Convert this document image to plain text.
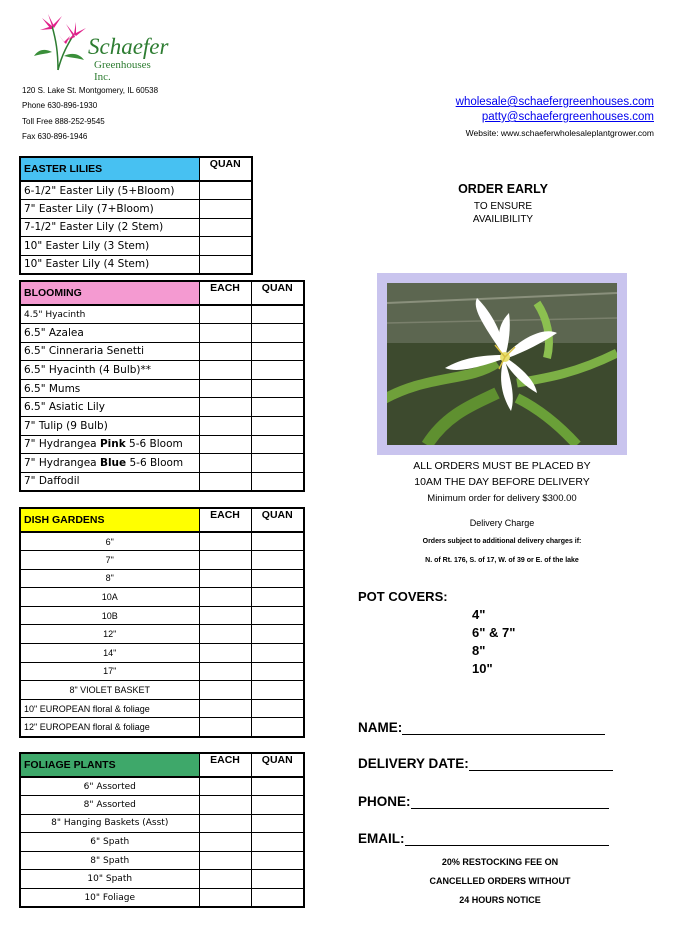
Schaefer
Greenhouses Inc.
120 S. Lake St. Montgomery, IL 60538
Phone 630-896-1930
Toll Free 888-252-9545
Fax 630-896-1946
wholesale@schaefergreenhouses.com
patty@schaefergreenhouses.com
Website: www.schaeferwholesaleplantgrower.com
EASTER LILIES	QUAN
6-1/2" Easter Lily (5+Bloom)	
7" Easter Lily (7+Bloom)	
7-1/2" Easter Lily (2 Stem)	
10" Easter Lily (3 Stem)	
10" Easter Lily (4 Stem)	
BLOOMING	EACH	QUAN
4.5" Hyacinth		
6.5" Azalea		
6.5" Cinneraria Senetti		
6.5" Hyacinth (4 Bulb)**		
6.5" Mums		
6.5" Asiatic Lily		
7" Tulip (9 Bulb)		
7" Hydrangea Pink 5-6 Bloom		
7" Hydrangea Blue 5-6 Bloom		
7" Daffodil		
DISH GARDENS	EACH	QUAN
6"		
7"		
8"		
10A		
10B		
12"		
14"		
17"		
8" VIOLET BASKET		
10" EUROPEAN floral & foliage		
12" EUROPEAN floral & foliage		
FOLIAGE PLANTS	EACH	QUAN
6" Assorted		
8" Assorted		
8" Hanging Baskets (Asst)		
6" Spath		
8" Spath		
10" Spath		
10" Foliage		
ORDER EARLY
TO ENSURE
AVAILIBILITY
ALL ORDERS MUST BE PLACED BY
10AM THE DAY BEFORE DELIVERY
Minimum order for delivery $300.00
Delivery Charge
Orders subject to additional delivery charges if:
N. of Rt. 176, S. of 17, W. of 39 or E. of the lake
POT COVERS:
4"
6" & 7"
8"
10"
NAME:
DELIVERY DATE:
PHONE:
EMAIL:
20% RESTOCKING FEE ON
CANCELLED ORDERS WITHOUT
24 HOURS NOTICE
